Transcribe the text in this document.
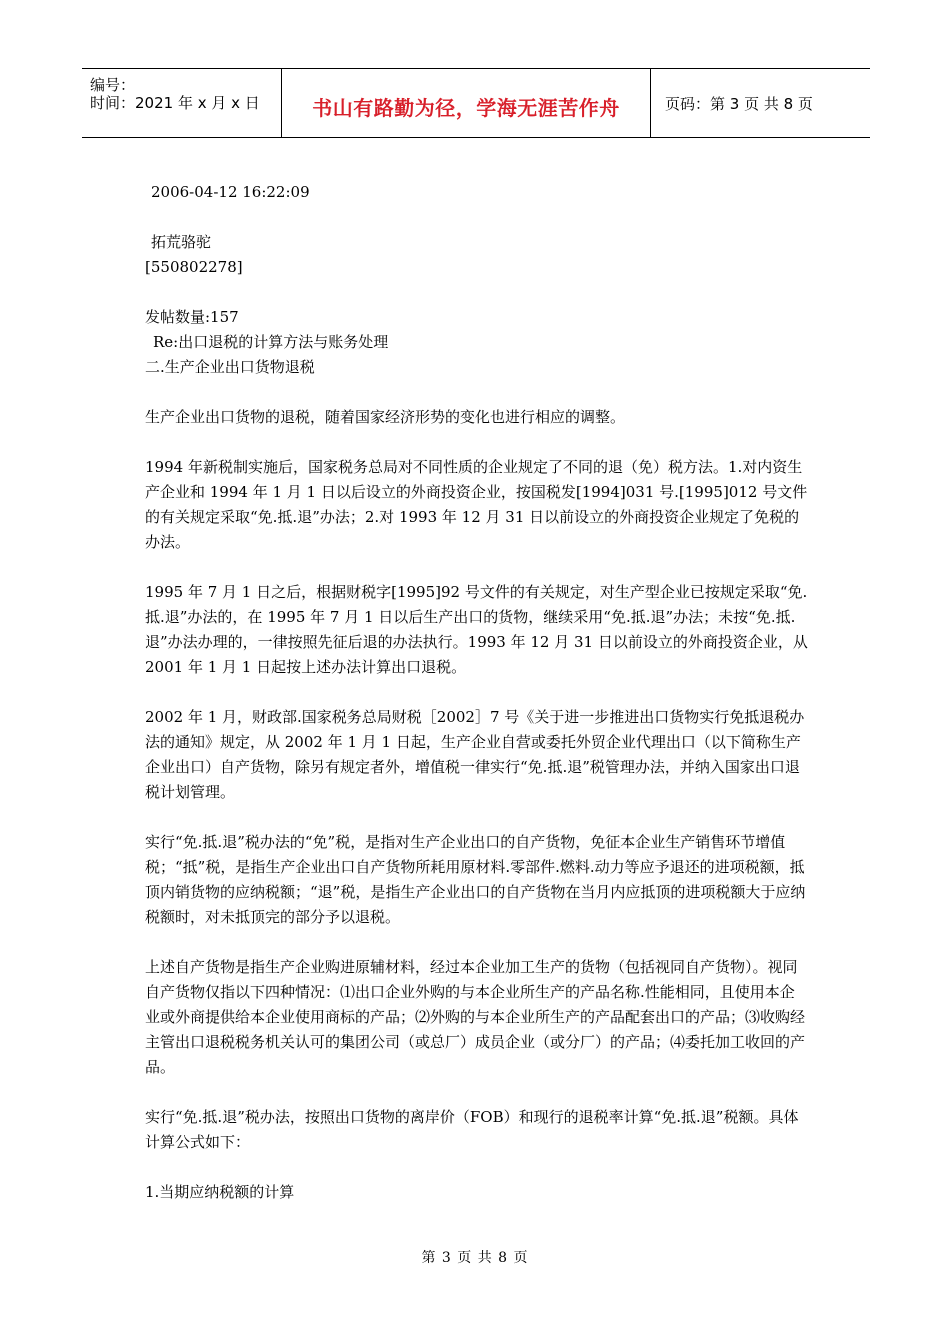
编号：
时间：2021 年 x 月 x 日	书山有路勤为径，学海无涯苦作舟	页码：第 3 页 共 8 页

2006-04-12 16:22:09

拓荒骆驼

[550802278]

发帖数量:157

Re:出口退税的计算方法与账务处理

二.生产企业出口货物退税

生产企业出口货物的退税，随着国家经济形势的变化也进行相应的调整。

1994 年新税制实施后，国家税务总局对不同性质的企业规定了不同的退（免）税方法。1.对内资生产企业和 1994 年 1 月 1 日以后设立的外商投资企业，按国税发[1994]031 号.[1995]012 号文件的有关规定采取“免.抵.退”办法；2.对 1993 年 12 月 31 日以前设立的外商投资企业规定了免税的办法。

1995 年 7 月 1 日之后，根据财税字[1995]92 号文件的有关规定，对生产型企业已按规定采取“免.抵.退”办法的，在 1995 年 7 月 1 日以后生产出口的货物，继续采用“免.抵.退”办法；未按“免.抵.退”办法办理的，一律按照先征后退的办法执行。1993 年 12 月 31 日以前设立的外商投资企业，从 2001 年 1 月 1 日起按上述办法计算出口退税。

2002 年 1 月，财政部.国家税务总局财税［2002］7 号《关于进一步推进出口货物实行免抵退税办法的通知》规定，从 2002 年 1 月 1 日起，生产企业自营或委托外贸企业代理出口（以下简称生产企业出口）自产货物，除另有规定者外，增值税一律实行“免.抵.退”税管理办法，并纳入国家出口退税计划管理。

实行“免.抵.退”税办法的“免”税，是指对生产企业出口的自产货物，免征本企业生产销售环节增值税；“抵”税，是指生产企业出口自产货物所耗用原材料.零部件.燃料.动力等应予退还的进项税额，抵顶内销货物的应纳税额；“退”税，是指生产企业出口的自产货物在当月内应抵顶的进项税额大于应纳税额时，对未抵顶完的部分予以退税。

上述自产货物是指生产企业购进原辅材料，经过本企业加工生产的货物（包括视同自产货物）。视同自产货物仅指以下四种情况：⑴出口企业外购的与本企业所生产的产品名称.性能相同，且使用本企业或外商提供给本企业使用商标的产品；⑵外购的与本企业所生产的产品配套出口的产品；⑶收购经主管出口退税税务机关认可的集团公司（或总厂）成员企业（或分厂）的产品；⑷委托加工收回的产品。

实行“免.抵.退”税办法，按照出口货物的离岸价（FOB）和现行的退税率计算“免.抵.退”税额。具体计算公式如下：

1.当期应纳税额的计算

第 3 页 共 8 页
